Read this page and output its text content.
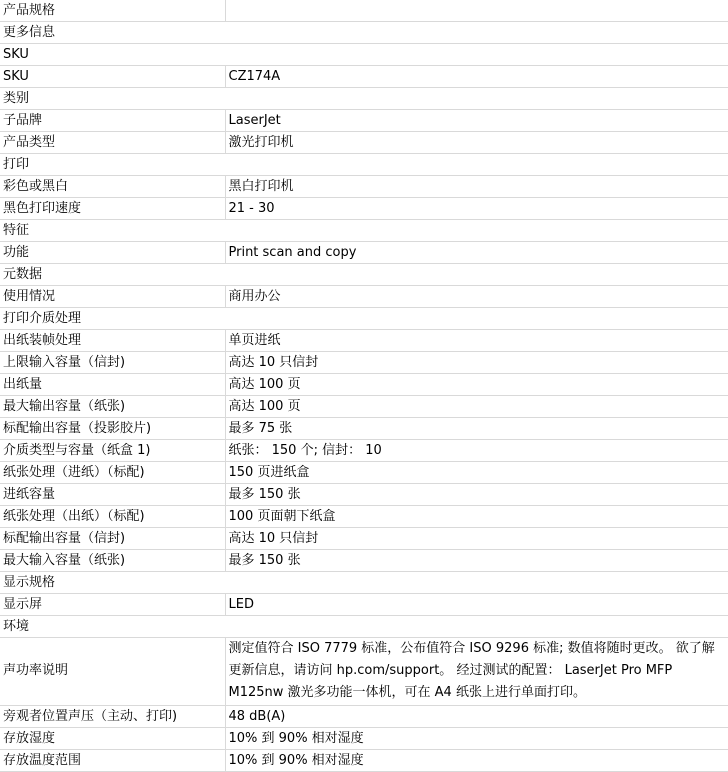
产品规格	
更多信息	
SKU	
SKU	CZ174A
类别	
子品牌	LaserJet
产品类型	激光打印机
打印	
彩色或黑白	黑白打印机
黑色打印速度	21 - 30
特征	
功能	Print scan and copy
元数据	
使用情况	商用办公
打印介质处理	
出纸装帧处理	单页进纸
上限输入容量（信封)	高达 10 只信封
出纸量	高达 100 页
最大输出容量（纸张)	高达 100 页
标配输出容量（投影胶片)	最多 75 张
介质类型与容量（纸盒 1)	纸张： 150 个; 信封： 10
纸张处理（进纸）（标配)	150 页进纸盒
进纸容量	最多 150 张
纸张处理（出纸）（标配)	100 页面朝下纸盒
标配输出容量（信封)	高达 10 只信封
最大输入容量（纸张)	最多 150 张
显示规格	
显示屏	LED
环境	
声功率说明	测定值符合 ISO 7779 标准，公布值符合 ISO 9296 标准; 数值将随时更改。 欲了解更新信息，请访问 hp.com/support。 经过测试的配置： LaserJet Pro MFP M125nw 激光多功能一体机，可在 A4 纸张上进行单面打印。
旁观者位置声压（主动、打印)	48 dB(A)
存放湿度	10% 到 90% 相对湿度
存放温度范围	10% 到 90% 相对湿度
